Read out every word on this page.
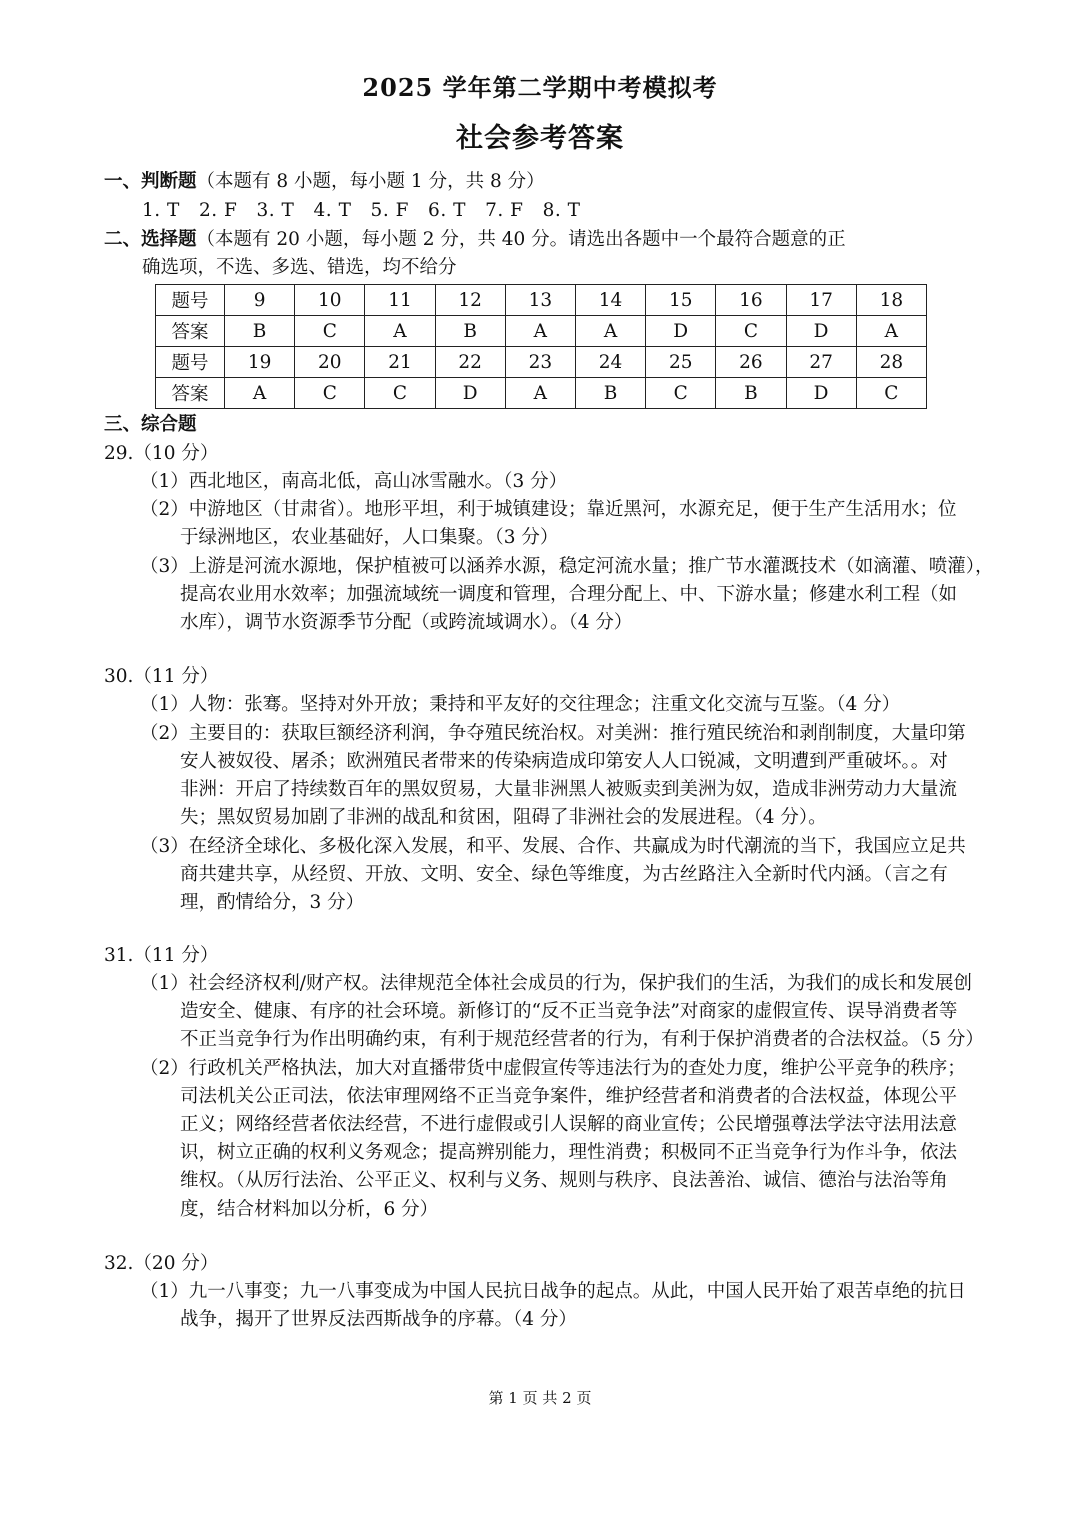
2025 学年第二学期中考模拟考
社会参考答案
一、判断题（本题有 8 小题，每小题 1 分，共 8 分）
1. T   2. F   3. T   4. T   5. F   6. T   7. F   8. T
二、选择题（本题有 20 小题，每小题 2 分，共 40 分。请选出各题中一个最符合题意的正
确选项，不选、多选、错选，均不给分
题号	9	10	11	12	13	14	15	16	17	18
答案	B	C	A	B	A	A	D	C	D	A
题号	19	20	21	22	23	24	25	26	27	28
答案	A	C	C	D	A	B	C	B	D	C
三、综合题
29.（10 分）
（1）西北地区，南高北低，高山冰雪融水。（3 分）
（2）中游地区（甘肃省）。地形平坦，利于城镇建设；靠近黑河，水源充足，便于生产生活用水；位
于绿洲地区，农业基础好，人口集聚。（3 分）
（3）上游是河流水源地，保护植被可以涵养水源，稳定河流水量；推广节水灌溉技术（如滴灌、喷灌），
提高农业用水效率；加强流域统一调度和管理，合理分配上、中、下游水量；修建水利工程（如
水库），调节水资源季节分配（或跨流域调水）。（4 分）
30.（11 分）
（1）人物：张骞。坚持对外开放；秉持和平友好的交往理念；注重文化交流与互鉴。（4 分）
（2）主要目的：获取巨额经济利润，争夺殖民统治权。对美洲：推行殖民统治和剥削制度，大量印第
安人被奴役、屠杀；欧洲殖民者带来的传染病造成印第安人人口锐减，文明遭到严重破坏。。对
非洲：开启了持续数百年的黑奴贸易，大量非洲黑人被贩卖到美洲为奴，造成非洲劳动力大量流
失；黑奴贸易加剧了非洲的战乱和贫困，阻碍了非洲社会的发展进程。（4 分）。
（3）在经济全球化、多极化深入发展，和平、发展、合作、共赢成为时代潮流的当下，我国应立足共
商共建共享，从经贸、开放、文明、安全、绿色等维度，为古丝路注入全新时代内涵。（言之有
理，酌情给分，3 分）
31.（11 分）
（1）社会经济权利/财产权。法律规范全体社会成员的行为，保护我们的生活，为我们的成长和发展创
造安全、健康、有序的社会环境。新修订的“反不正当竞争法”对商家的虚假宣传、误导消费者等
不正当竞争行为作出明确约束，有利于规范经营者的行为，有利于保护消费者的合法权益。（5 分）
（2）行政机关严格执法，加大对直播带货中虚假宣传等违法行为的查处力度，维护公平竞争的秩序；
司法机关公正司法，依法审理网络不正当竞争案件，维护经营者和消费者的合法权益，体现公平
正义；网络经营者依法经营，不进行虚假或引人误解的商业宣传；公民增强尊法学法守法用法意
识，树立正确的权利义务观念；提高辨别能力，理性消费；积极同不正当竞争行为作斗争，依法
维权。（从厉行法治、公平正义、权利与义务、规则与秩序、良法善治、诚信、德治与法治等角
度，结合材料加以分析，6 分）
32.（20 分）
（1）九一八事变；九一八事变成为中国人民抗日战争的起点。从此，中国人民开始了艰苦卓绝的抗日
战争，揭开了世界反法西斯战争的序幕。（4 分）
第 1 页 共 2 页
